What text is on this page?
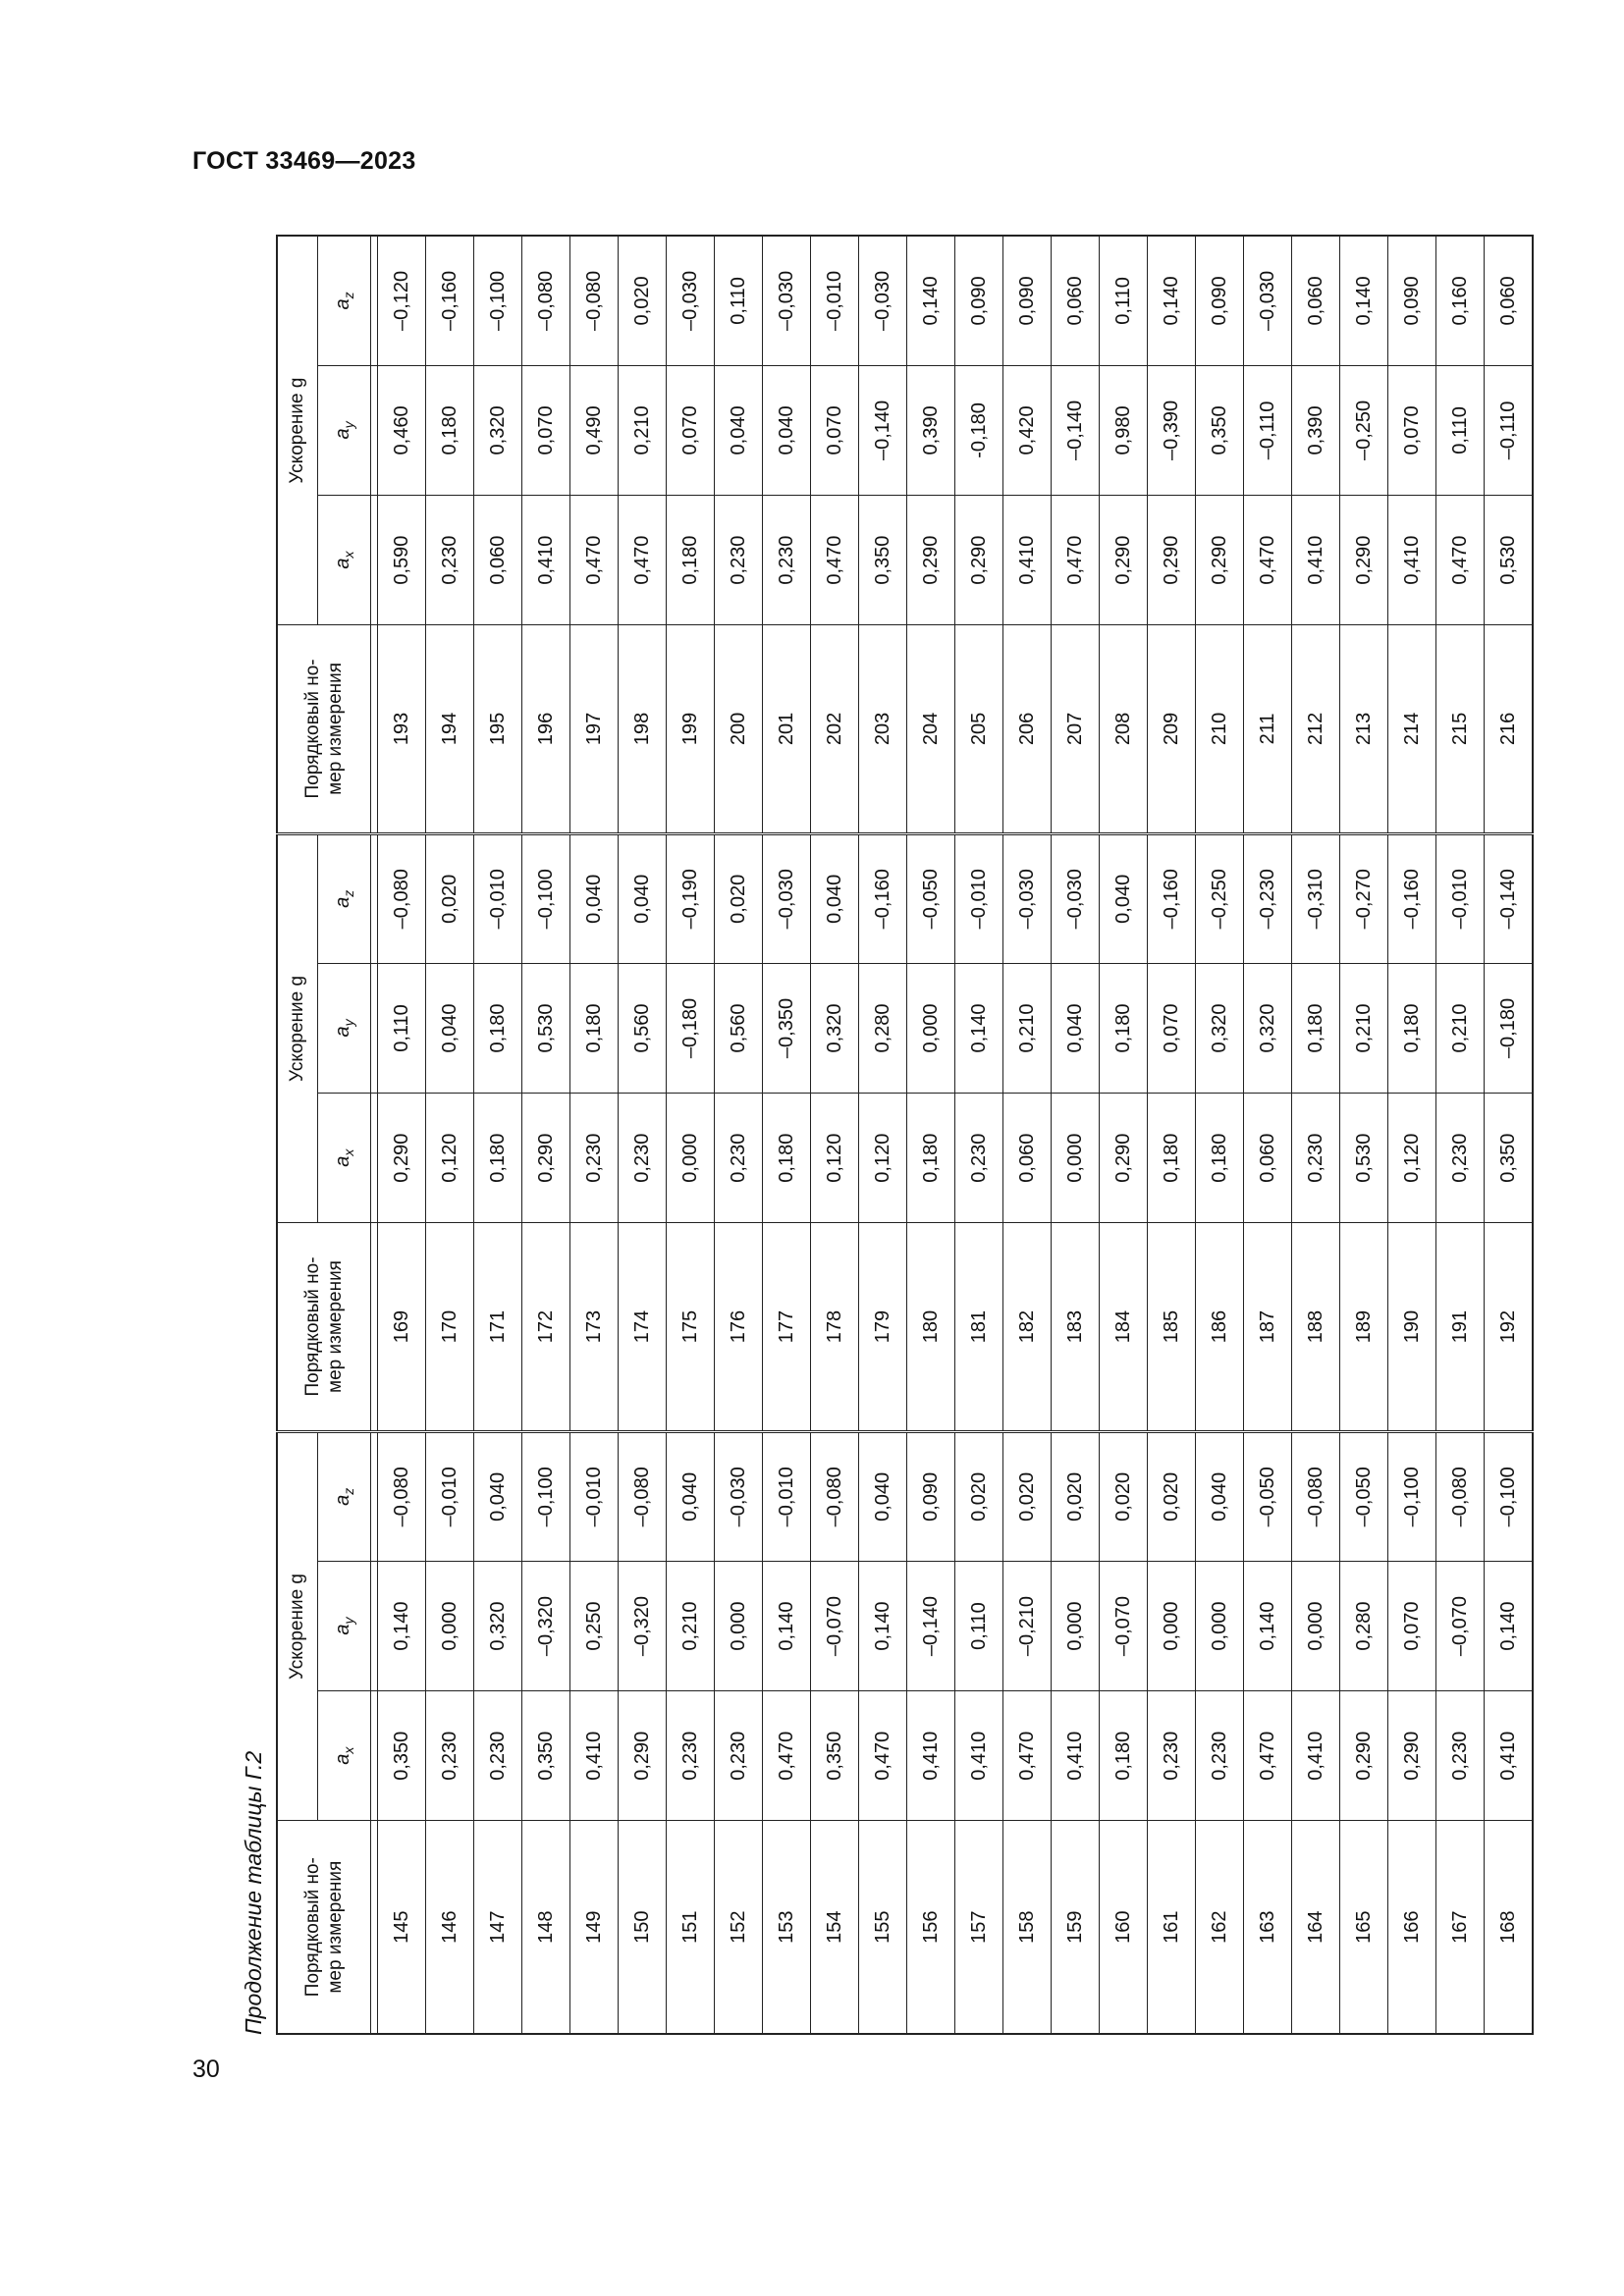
ГОСТ 33469—2023
Продолжение таблицы Г.2	Порядковый но-
мер измерения	Ускорение g			Порядковый но-
мер измерения	Ускорение g			Порядковый но-
мер измерения	Ускорение g		
	$a_x$	$a_y$	$a_z$		$a_x$	$a_y$	$a_z$		$a_x$	$a_y$	$a_z$

145	0,350	0,140	–0,080	169	0,290	0,110	–0,080	193	0,590	0,460	–0,120
146	0,230	0,000	–0,010	170	0,120	0,040	0,020	194	0,230	0,180	–0,160
147	0,230	0,320	0,040	171	0,180	0,180	–0,010	195	0,060	0,320	–0,100
148	0,350	–0,320	–0,100	172	0,290	0,530	–0,100	196	0,410	0,070	–0,080
149	0,410	0,250	–0,010	173	0,230	0,180	0,040	197	0,470	0,490	–0,080
150	0,290	–0,320	–0,080	174	0,230	0,560	0,040	198	0,470	0,210	0,020
151	0,230	0,210	0,040	175	0,000	–0,180	–0,190	199	0,180	0,070	–0,030
152	0,230	0,000	–0,030	176	0,230	0,560	0,020	200	0,230	0,040	0,110
153	0,470	0,140	–0,010	177	0,180	–0,350	–0,030	201	0,230	0,040	–0,030
154	0,350	–0,070	–0,080	178	0,120	0,320	0,040	202	0,470	0,070	–0,010
155	0,470	0,140	0,040	179	0,120	0,280	–0,160	203	0,350	–0,140	–0,030
156	0,410	–0,140	0,090	180	0,180	0,000	–0,050	204	0,290	0,390	0,140
157	0,410	0,110	0,020	181	0,230	0,140	–0,010	205	0,290	-0,180	0,090
158	0,470	–0,210	0,020	182	0,060	0,210	–0,030	206	0,410	0,420	0,090
159	0,410	0,000	0,020	183	0,000	0,040	–0,030	207	0,470	–0,140	0,060
160	0,180	–0,070	0,020	184	0,290	0,180	0,040	208	0,290	0,980	0,110
161	0,230	0,000	0,020	185	0,180	0,070	–0,160	209	0,290	–0,390	0,140
162	0,230	0,000	0,040	186	0,180	0,320	–0,250	210	0,290	0,350	0,090
163	0,470	0,140	–0,050	187	0,060	0,320	–0,230	211	0,470	–0,110	–0,030
164	0,410	0,000	–0,080	188	0,230	0,180	–0,310	212	0,410	0,390	0,060
165	0,290	0,280	–0,050	189	0,530	0,210	–0,270	213	0,290	–0,250	0,140
166	0,290	0,070	–0,100	190	0,120	0,180	–0,160	214	0,410	0,070	0,090
167	0,230	–0,070	–0,080	191	0,230	0,210	–0,010	215	0,470	0,110	0,160
168	0,410	0,140	–0,100	192	0,350	–0,180	–0,140	216	0,530	–0,110	0,060
30
